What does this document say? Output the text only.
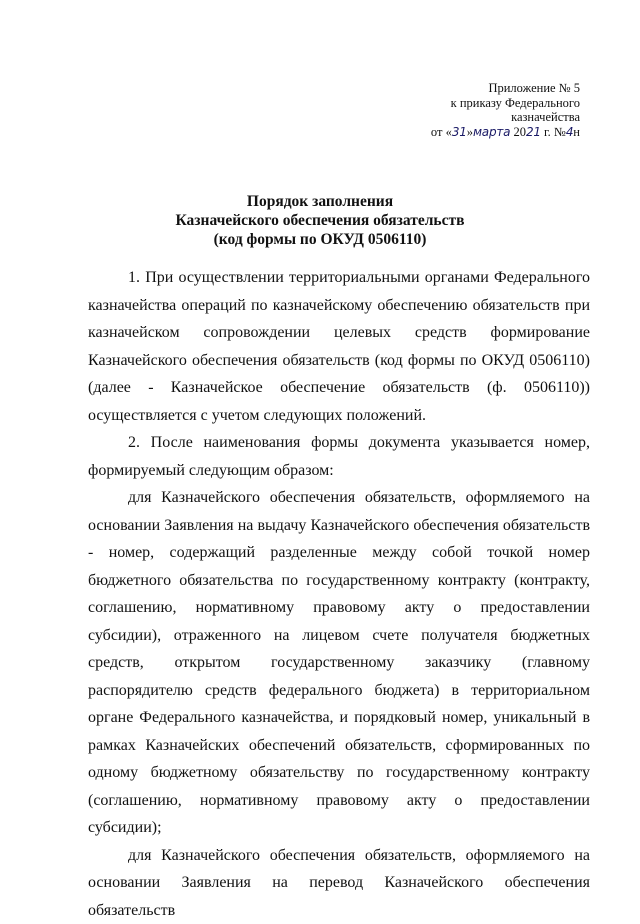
Приложение № 5
к приказу Федерального
казначейства
от «31»марта 2021 г. №4н
Порядок заполнения
Казначейского обеспечения обязательств
(код формы по ОКУД 0506110)

1. При осуществлении территориальными органами Федерального казначейства операций по казначейскому обеспечению обязательств при казначейском сопровождении целевых средств формирование Казначейского обеспечения обязательств (код формы по ОКУД 0506110) (далее - Казначейское обеспечение обязательств (ф. 0506110)) осуществляется с учетом следующих положений.

2. После наименования формы документа указывается номер, формируемый следующим образом:

для Казначейского обеспечения обязательств, оформляемого на основании Заявления на выдачу Казначейского обеспечения обязательств - номер, содержащий разделенные между собой точкой номер бюджетного обязательства по государственному контракту (контракту, соглашению, нормативному правовому акту о предоставлении субсидии), отраженного на лицевом счете получателя бюджетных средств, открытом государственному заказчику (главному распорядителю средств федерального бюджета) в территориальном органе Федерального казначейства, и порядковый номер, уникальный в рамках Казначейских обеспечений обязательств, сформированных по одному бюджетному обязательству по государственному контракту (соглашению, нормативному правовому акту о предоставлении субсидии);

для Казначейского обеспечения обязательств, оформляемого на основании Заявления на перевод Казначейского обеспечения обязательств
